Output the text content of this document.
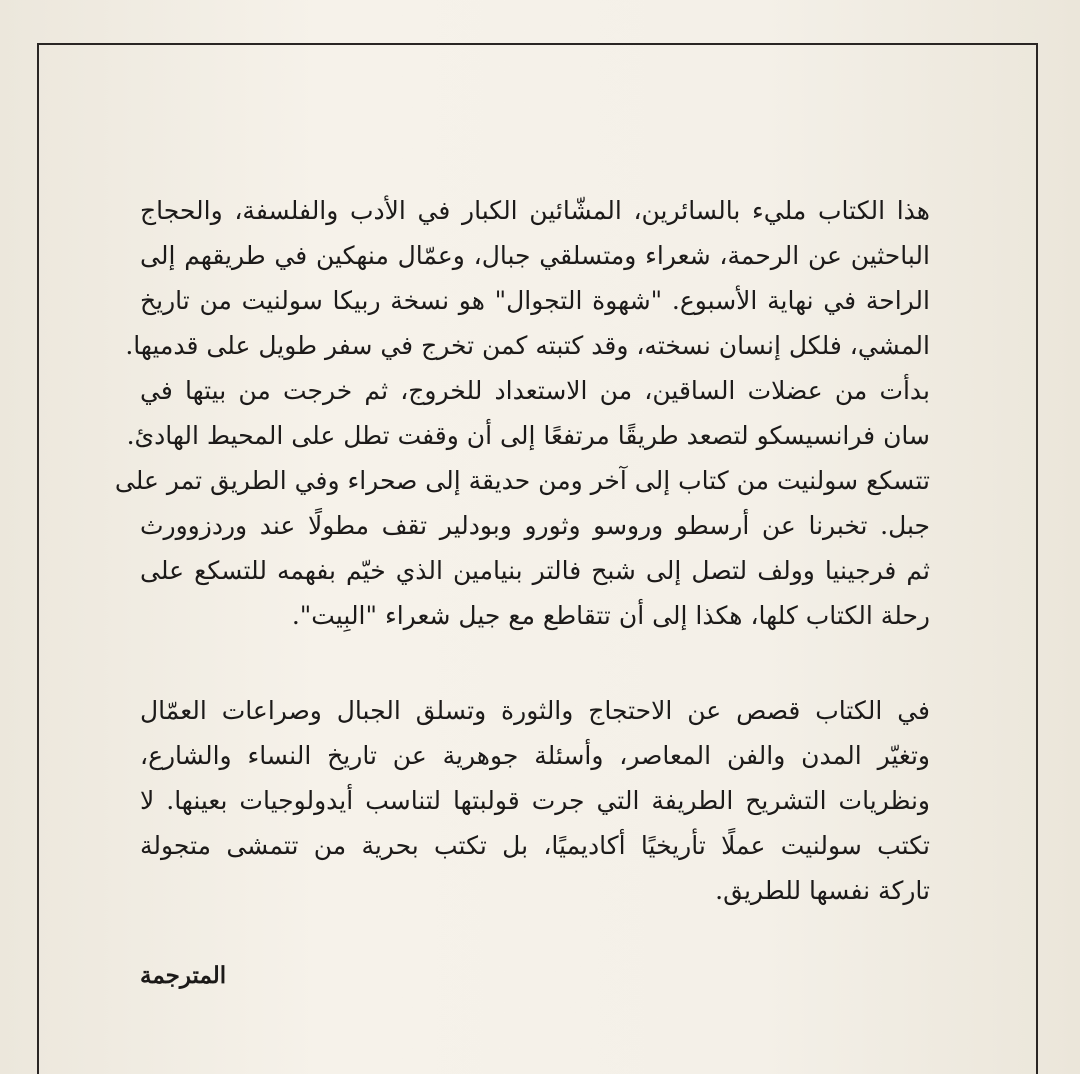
هذا الكتاب مليء بالسائرين، المشّائين الكبار في الأدب والفلسفة، والحجاج
الباحثين عن الرحمة، شعراء ومتسلقي جبال، وعمّال منهكين في طريقهم إلى
الراحة في نهاية الأسبوع. "شهوة التجوال" هو نسخة ربيكا سولنيت من تاريخ
المشي، فلكل إنسان نسخته، وقد كتبته كمن تخرج في سفر طويل على قدميها.
بدأت من عضلات الساقين، من الاستعداد للخروج، ثم خرجت من بيتها في
سان فرانسيسكو لتصعد طريقًا مرتفعًا إلى أن وقفت تطل على المحيط الهادئ.
تتسكع سولنيت من كتاب إلى آخر ومن حديقة إلى صحراء وفي الطريق تمر على
جبل. تخبرنا عن أرسطو وروسو وثورو وبودلير تقف مطولًا عند وردزوورث
ثم فرجينيا وولف لتصل إلى شبح فالتر بنيامين الذي خيّم بفهمه للتسكع على
رحلة الكتاب كلها، هكذا إلى أن تتقاطع مع جيل شعراء "البِيت".
في الكتاب قصص عن الاحتجاج والثورة وتسلق الجبال وصراعات العمّال
وتغيّر المدن والفن المعاصر، وأسئلة جوهرية عن تاريخ النساء والشارع،
ونظريات التشريح الطريفة التي جرت قولبتها لتناسب أيدولوجيات بعينها. لا
تكتب سولنيت عملًا تأريخيًا أكاديميًا، بل تكتب بحرية من تتمشى متجولة
تاركة نفسها للطريق.
المترجمة
